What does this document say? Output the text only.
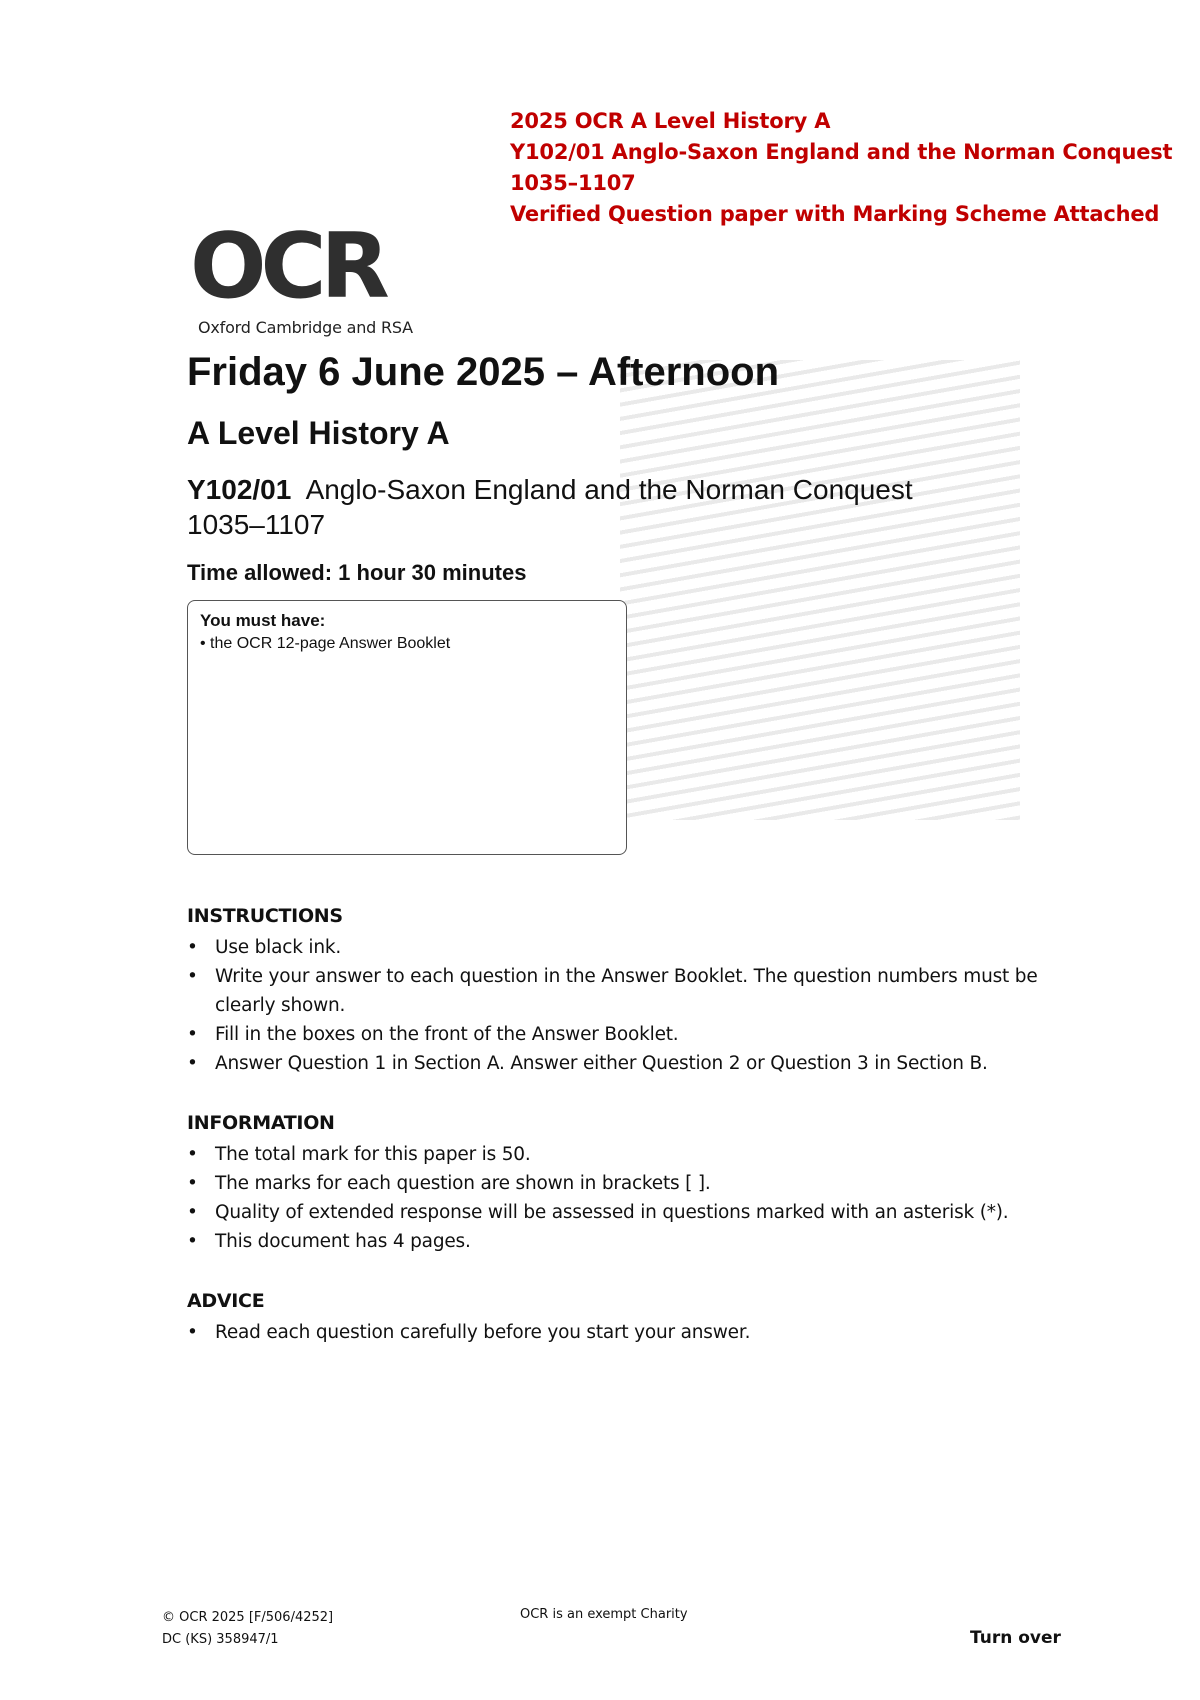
2025 OCR A Level History A
Y102/01 Anglo-Saxon England and the Norman Conquest
1035–1107
Verified Question paper with Marking Scheme Attached
OCR
Oxford Cambridge and RSA
Friday 6 June 2025 – Afternoon
A Level History A
Y102/01 Anglo-Saxon England and the Norman Conquest 1035–1107
Time allowed: 1 hour 30 minutes
You must have:
• the OCR 12-page Answer Booklet
INSTRUCTIONS
• Use black ink.
• Write your answer to each question in the Answer Booklet. The question numbers must be clearly shown.
• Fill in the boxes on the front of the Answer Booklet.
• Answer Question 1 in Section A. Answer either Question 2 or Question 3 in Section B.
INFORMATION
• The total mark for this paper is 50.
• The marks for each question are shown in brackets [ ].
• Quality of extended response will be assessed in questions marked with an asterisk (*).
• This document has 4 pages.
ADVICE
• Read each question carefully before you start your answer.
© OCR 2025 [F/506/4252]
DC (KS) 358947/1
OCR is an exempt Charity
Turn over
